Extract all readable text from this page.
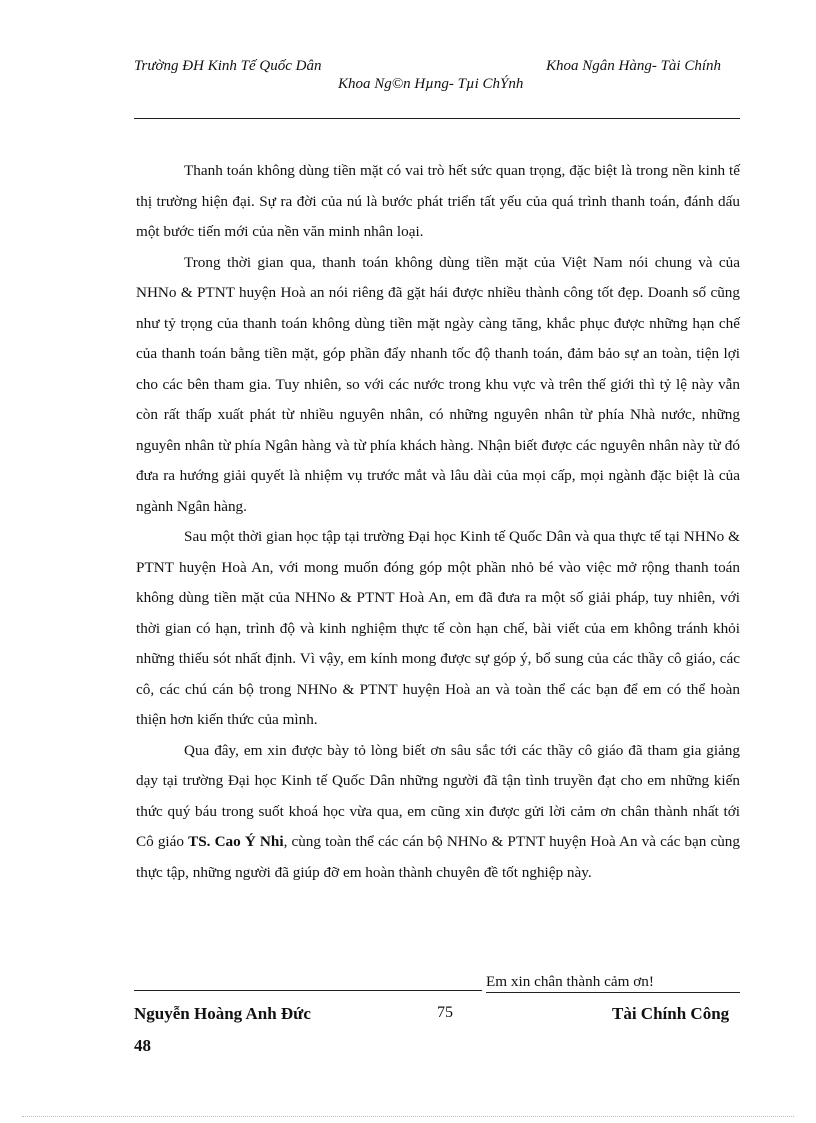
Trường ĐH Kinh Tế Quốc Dân	Khoa Ngân Hàng- Tài Chính
Khoa Ng©n Hµng- Tµi ChÝnh

Thanh toán không dùng tiền mặt có vai trò hết sức quan trọng, đặc biệt là trong nền kinh tế thị trường hiện đại. Sự ra đời của nú là bước phát triển tất yếu của quá trình thanh toán, đánh dấu một bước tiến mới của nền văn minh nhân loại.

Trong thời gian qua, thanh toán không dùng tiền mặt của Việt Nam nói chung và của NHNo & PTNT huyện Hoà an nói riêng đã gặt hái được nhiều thành công tốt đẹp. Doanh số cũng như tỷ trọng của thanh toán không dùng tiền mặt ngày càng tăng, khắc phục được những hạn chế của thanh toán bằng tiền mặt, góp phần đẩy nhanh tốc độ thanh toán, đảm bảo sự an toàn, tiện lợi cho các bên tham gia. Tuy nhiên, so với các nước trong khu vực và trên thế giới thì tỷ lệ này vẫn còn rất thấp xuất phát từ nhiều nguyên nhân, có những nguyên nhân từ phía Nhà nước, những nguyên nhân từ phía Ngân hàng và từ phía khách hàng. Nhận biết được các nguyên nhân này từ đó đưa ra hướng giải quyết là nhiệm vụ trước mắt và lâu dài của mọi cấp, mọi ngành đặc biệt là của ngành Ngân hàng.

Sau một thời gian học tập tại trường Đại học Kinh tế Quốc Dân và qua thực tế tại NHNo & PTNT huyện Hoà An, với mong muốn đóng góp một phần nhỏ bé vào việc mở rộng thanh toán không dùng tiền mặt của NHNo & PTNT Hoà An, em đã đưa ra một số giải pháp, tuy nhiên, với thời gian có hạn, trình độ và kinh nghiệm thực tế còn hạn chế, bài viết của em không tránh khỏi những thiếu sót nhất định. Vì vậy, em kính mong được sự góp ý, bổ sung của các thầy cô giáo, các cô, các chú cán bộ trong NHNo & PTNT huyện Hoà an và toàn thể các bạn để em có thể hoàn thiện hơn kiến thức của mình.

Qua đây, em xin được bày tỏ lòng biết ơn sâu sắc tới các thầy cô giáo đã tham gia giảng dạy tại trường Đại học Kinh tế Quốc Dân những người đã tận tình truyền đạt cho em những kiến thức quý báu trong suốt khoá học vừa qua, em cũng xin được gửi lời cảm ơn chân thành nhất tới Cô giáo TS. Cao Ý Nhi, cùng toàn thể các cán bộ NHNo & PTNT huyện Hoà An và các bạn cùng thực tập, những người đã giúp đỡ em hoàn thành chuyên đề tốt nghiệp này.

Em xin chân thành cảm ơn!
Nguyễn Hoàng Anh Đức	75	Tài Chính Công
48
